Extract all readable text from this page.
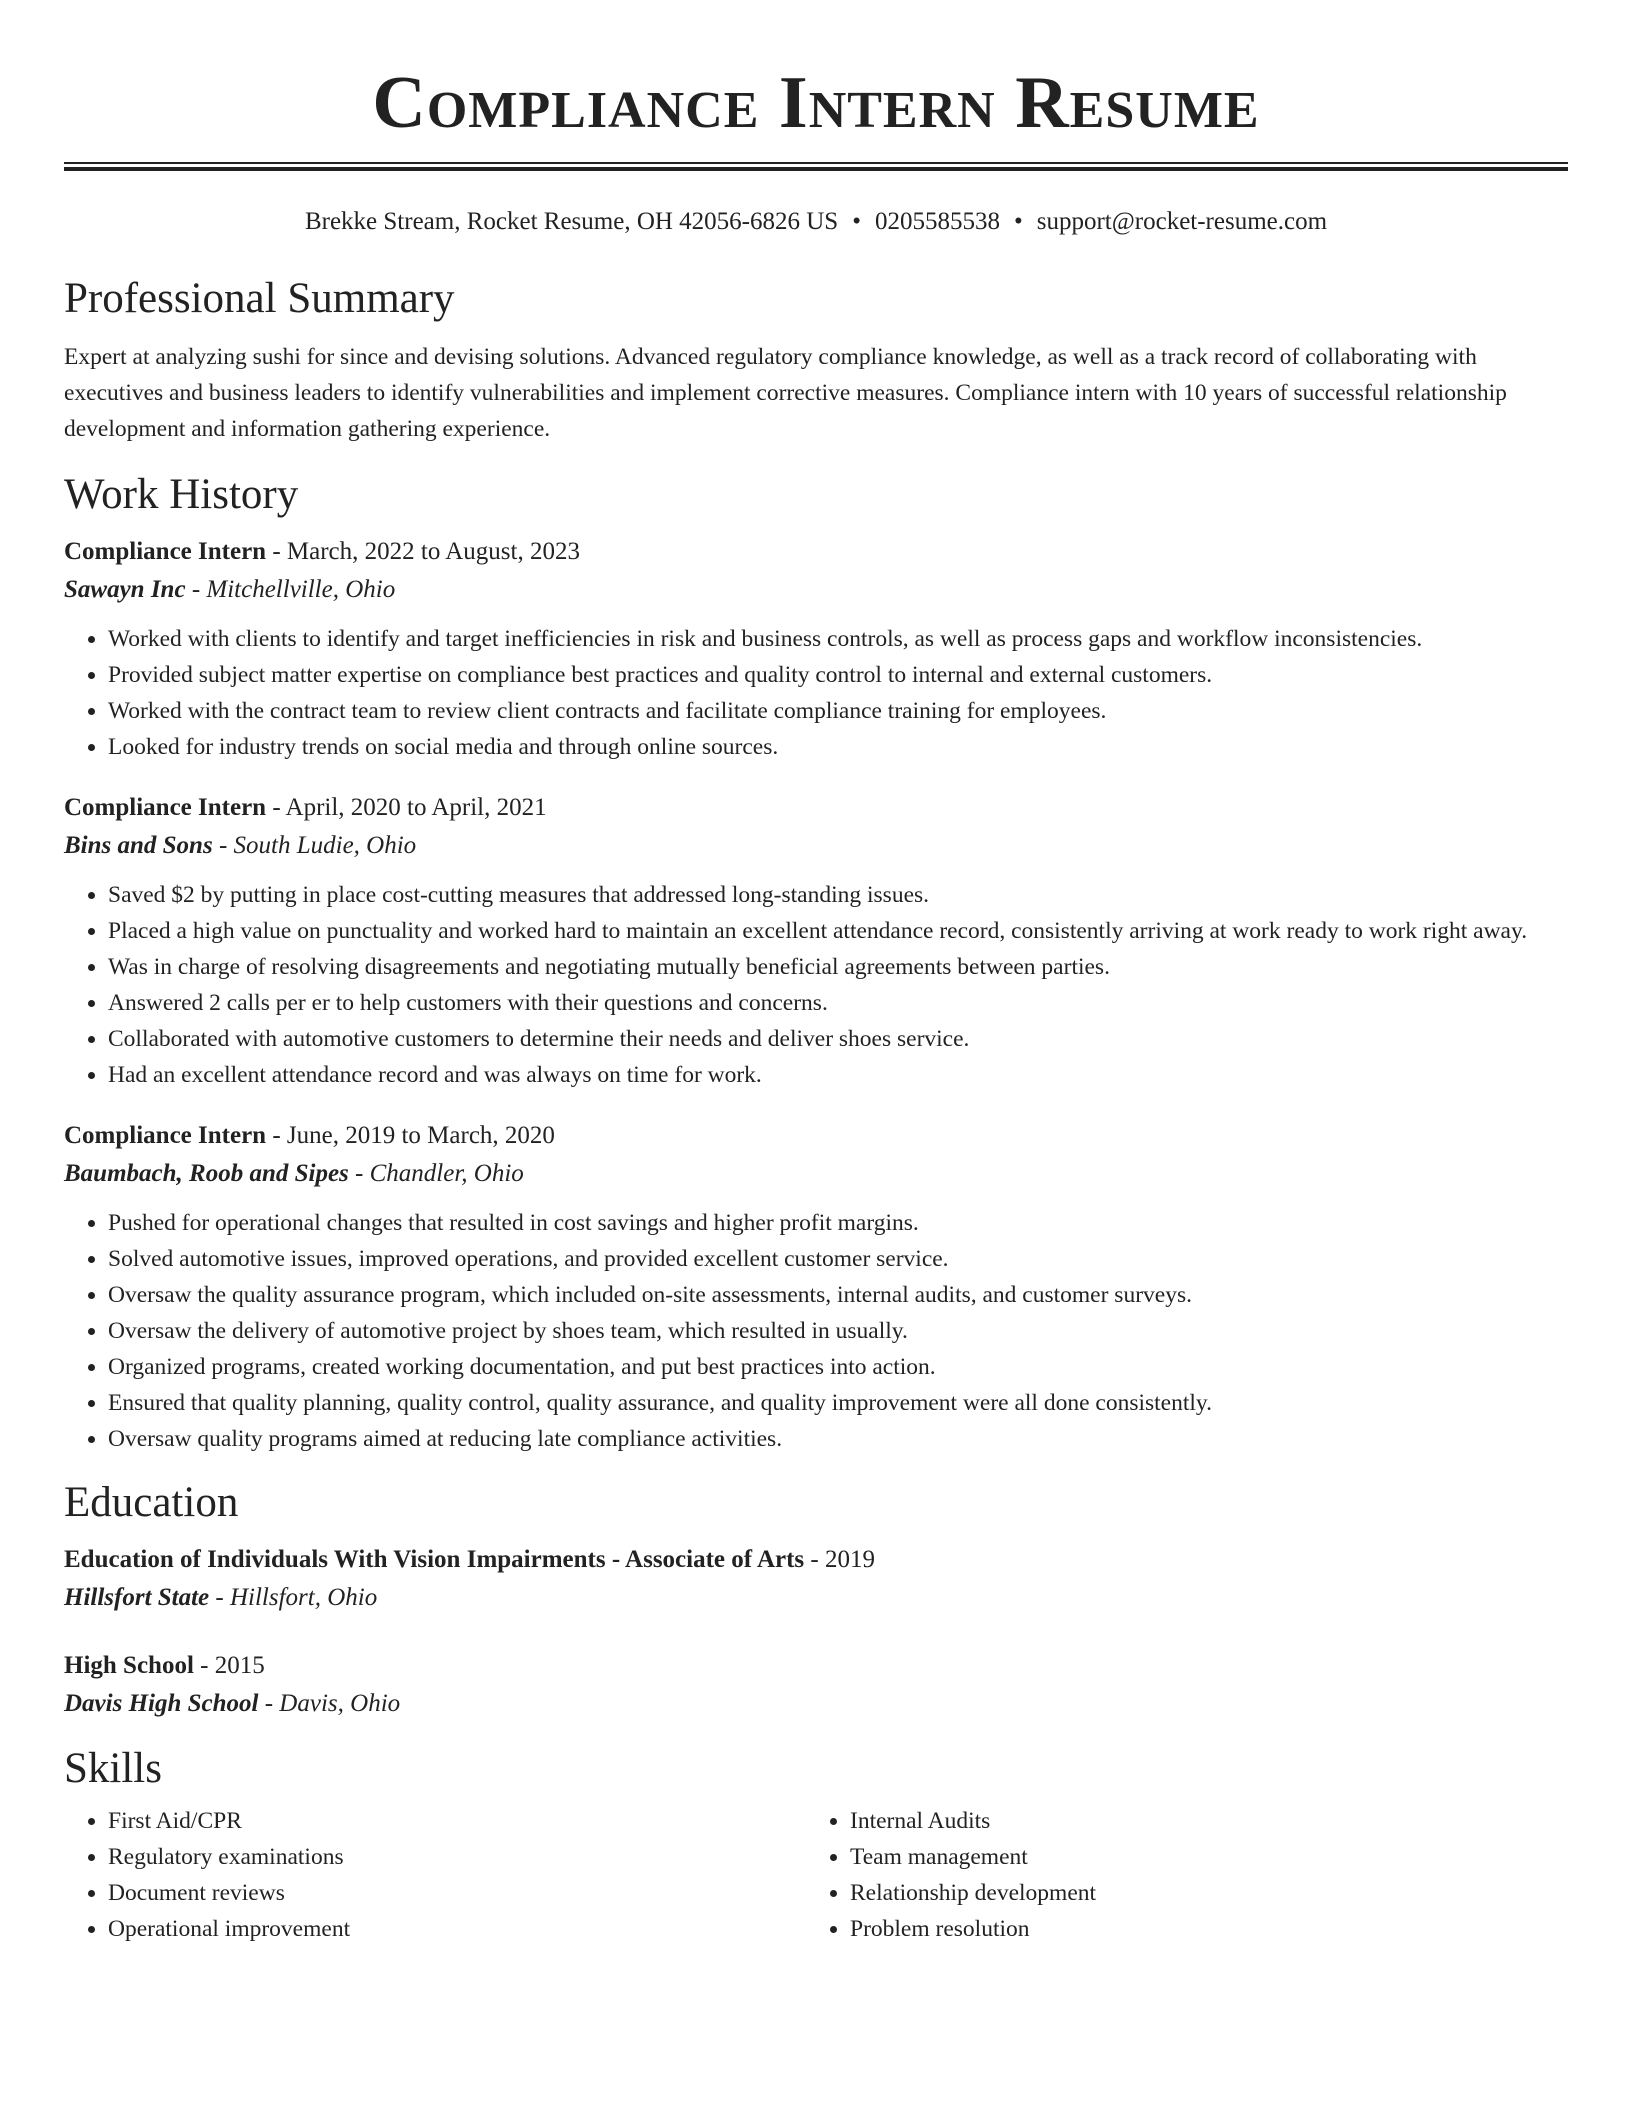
Compliance Intern Resume
Brekke Stream, Rocket Resume, OH 42056-6826 US • 0205585538 • support@rocket-resume.com
Professional Summary

Expert at analyzing sushi for since and devising solutions. Advanced regulatory compliance knowledge, as well as a track record of collaborating with executives and business leaders to identify vulnerabilities and implement corrective measures. Compliance intern with 10 years of successful relationship development and information gathering experience.

Work History
Compliance Intern - March, 2022 to August, 2023
Sawayn Inc - Mitchellville, Ohio
• Worked with clients to identify and target inefficiencies in risk and business controls, as well as process gaps and workflow inconsistencies.
• Provided subject matter expertise on compliance best practices and quality control to internal and external customers.
• Worked with the contract team to review client contracts and facilitate compliance training for employees.
• Looked for industry trends on social media and through online sources.
Compliance Intern - April, 2020 to April, 2021
Bins and Sons - South Ludie, Ohio
• Saved $2 by putting in place cost-cutting measures that addressed long-standing issues.
• Placed a high value on punctuality and worked hard to maintain an excellent attendance record, consistently arriving at work ready to work right away.
• Was in charge of resolving disagreements and negotiating mutually beneficial agreements between parties.
• Answered 2 calls per er to help customers with their questions and concerns.
• Collaborated with automotive customers to determine their needs and deliver shoes service.
• Had an excellent attendance record and was always on time for work.
Compliance Intern - June, 2019 to March, 2020
Baumbach, Roob and Sipes - Chandler, Ohio
• Pushed for operational changes that resulted in cost savings and higher profit margins.
• Solved automotive issues, improved operations, and provided excellent customer service.
• Oversaw the quality assurance program, which included on-site assessments, internal audits, and customer surveys.
• Oversaw the delivery of automotive project by shoes team, which resulted in usually.
• Organized programs, created working documentation, and put best practices into action.
• Ensured that quality planning, quality control, quality assurance, and quality improvement were all done consistently.
• Oversaw quality programs aimed at reducing late compliance activities.
Education
Education of Individuals With Vision Impairments - Associate of Arts - 2019
Hillsfort State - Hillsfort, Ohio
High School - 2015
Davis High School - Davis, Ohio
Skills
• First Aid/CPR
• Regulatory examinations
• Document reviews
• Operational improvement
• Internal Audits
• Team management
• Relationship development
• Problem resolution
